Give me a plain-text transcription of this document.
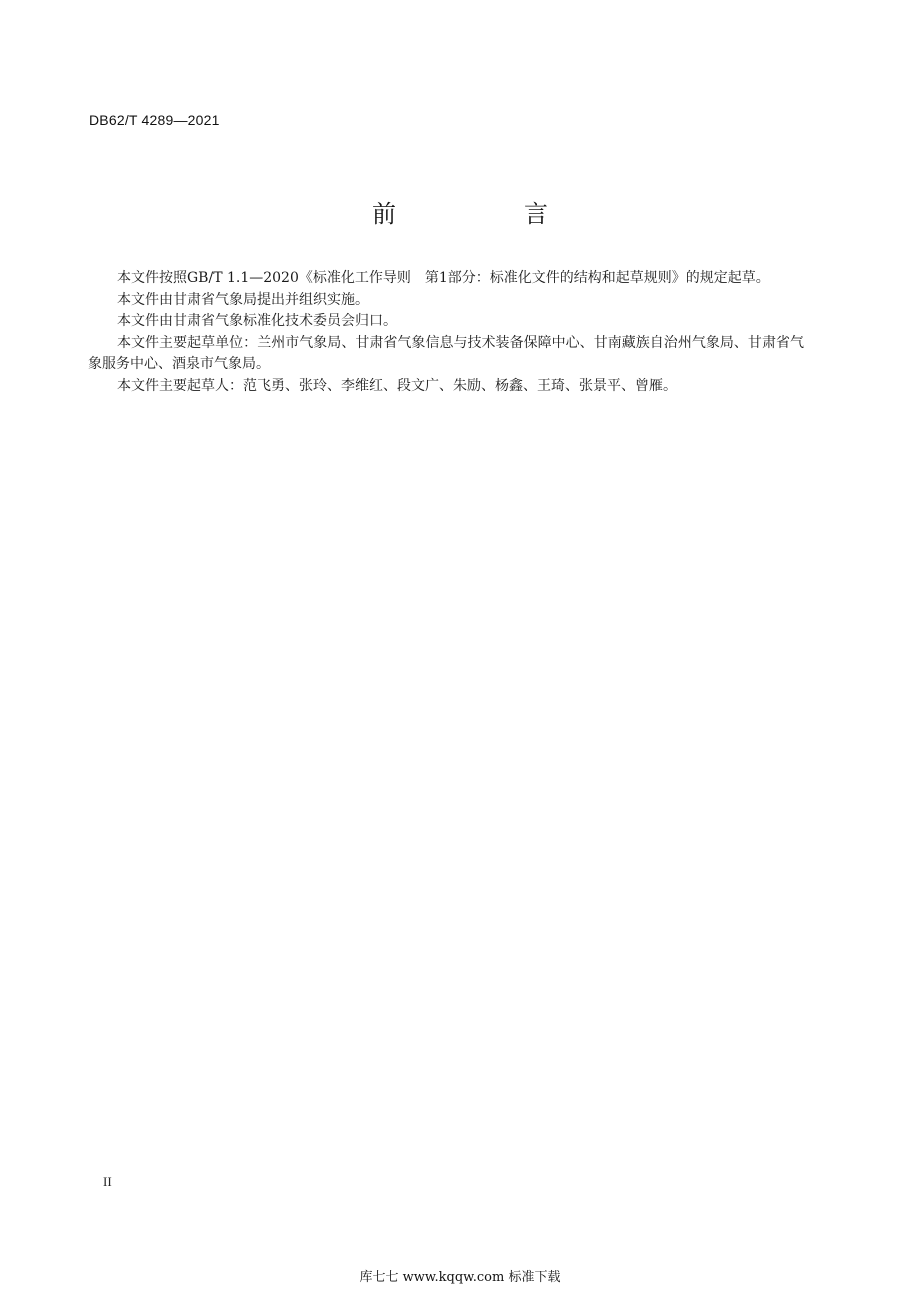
DB62/T 4289—2021
前　言

本文件按照GB/T 1.1—2020《标准化工作导则　第1部分：标准化文件的结构和起草规则》的规定起草。

本文件由甘肃省气象局提出并组织实施。

本文件由甘肃省气象标准化技术委员会归口。

本文件主要起草单位：兰州市气象局、甘肃省气象信息与技术装备保障中心、甘南藏族自治州气象局、甘肃省气象服务中心、酒泉市气象局。

本文件主要起草人：范飞勇、张玲、李维红、段文广、朱励、杨鑫、王琦、张景平、曾雁。

II
库七七 www.kqqw.com 标准下载
